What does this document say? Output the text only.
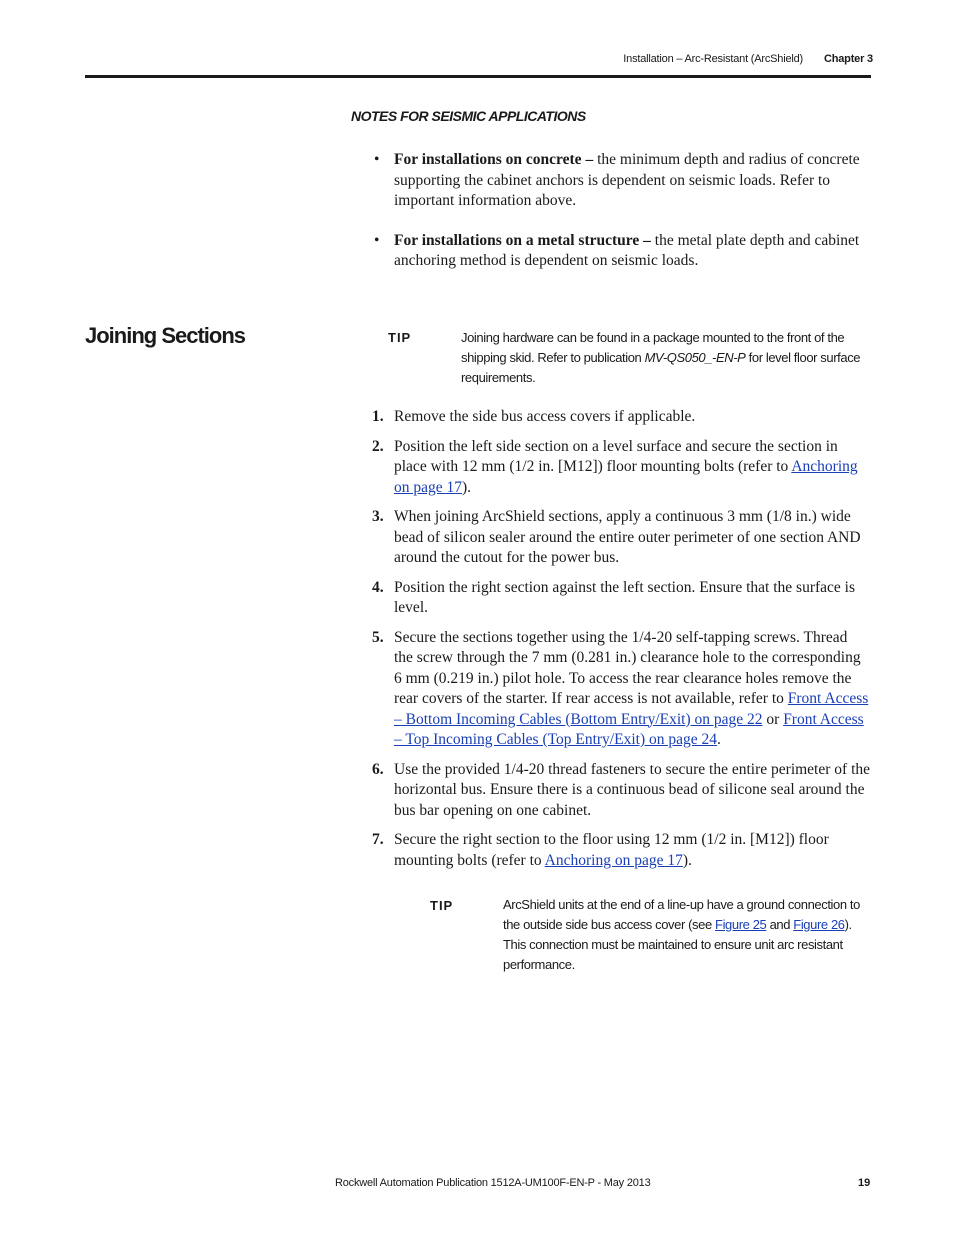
Installation – Arc-Resistant (ArcShield) Chapter 3
NOTES FOR SEISMIC APPLICATIONS
• For installations on concrete – the minimum depth and radius of concrete supporting the cabinet anchors is dependent on seismic loads. Refer to important information above.
• For installations on a metal structure – the metal plate depth and cabinet anchoring method is dependent on seismic loads.
Joining Sections	TIP	Joining hardware can be found in a package mounted to the front of the shipping skid. Refer to publication MV-QS050_-EN-P for level floor surface requirements.
1. Remove the side bus access covers if applicable.
2. Position the left side section on a level surface and secure the section in place with 12 mm (1/2 in. [M12]) floor mounting bolts (refer to Anchoring on page 17).
3. When joining ArcShield sections, apply a continuous 3 mm (1/8 in.) wide bead of silicon sealer around the entire outer perimeter of one section AND around the cutout for the power bus.
4. Position the right section against the left section. Ensure that the surface is level.
5. Secure the sections together using the 1/4-20 self-tapping screws. Thread the screw through the 7 mm (0.281 in.) clearance hole to the corresponding 6 mm (0.219 in.) pilot hole. To access the rear clearance holes remove the rear covers of the starter. If rear access is not available, refer to Front Access – Bottom Incoming Cables (Bottom Entry/Exit) on page 22 or Front Access – Top Incoming Cables (Top Entry/Exit) on page 24.
6. Use the provided 1/4-20 thread fasteners to secure the entire perimeter of the horizontal bus. Ensure there is a continuous bead of silicone seal around the bus bar opening on one cabinet.
7. Secure the right section to the floor using 12 mm (1/2 in. [M12]) floor mounting bolts (refer to Anchoring on page 17).
TIP	ArcShield units at the end of a line-up have a ground connection to the outside side bus access cover (see Figure 25 and Figure 26). This connection must be maintained to ensure unit arc resistant performance.
Rockwell Automation Publication 1512A-UM100F-EN-P - May 2013	19
